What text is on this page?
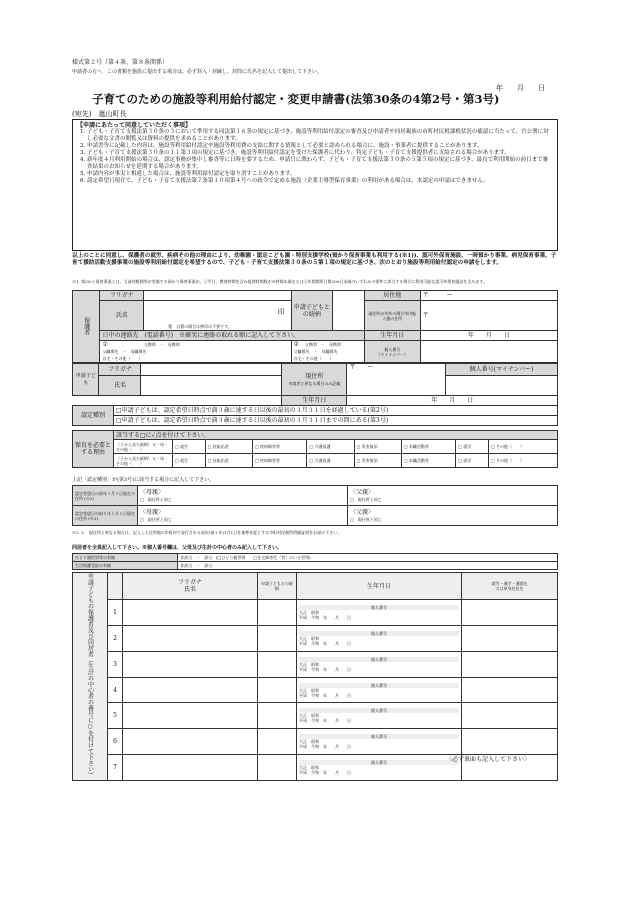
様式第２号（第４条、第８条関係）
申請者の方へ　この書類を施設に提出する場合は、必ず封入・封緘し、封筒に氏名を記入して提出して下さい。
年　　月　　日
子育てのための施設等利用給付認定・変更申請書(法第30条の4第2号・第3号)
(宛先)　嵐山町長
【申請にあたって同意していただく事項】
1. 子ども・子育て支援法第３０条の３において準用する同法第１６条の規定に基づき、施設等利用給付認定の審査及び申請者や同居親族の市町村民税課税状況の確認に当たって、官公署に対し必要な文書の閲覧又は資料の提供を求めることがあります。
2. 申請書等に記載した内容は、施設等利用給付認定や施設等利用費の支給に関する情報として必要と認められる場合に、施設・事業者に提供することがあります。
3. 子ども・子育て支援法第３０条の１１第３項の規定に基づき、施設等利用給付認定を受けた保護者に代わり、特定子ども・子育て支援提供者に支給される場合があります。
4. 新年度４月利用開始の場合は、認定事務が集中し審査等に日時を要するため、申請日に関わらず、子ども・子育て支援法第３０条の５第５項の規定に基づき、最長で利用開始の前日まで審査結果のお知らせを延期する場合があります。
5. 申請内容が事実と相違した場合は、施設等利用給付認定を取り消すことがあります。
6. 認定希望日現在で、子ども・子育て支援法第７条第１０項第４号への政令で定める施設（企業主導型保育事業）の利用がある場合は、本認定の申請はできません。
以上のことに同意し、保護者の就労、疾病その他の理由により、幼稚園・認定こども園・特別支援学校(預かり保育事業も利用する(※1))、認可外保育施設、一時預かり事業、病児保育事業、子育て援助活動支援事業の施設等利用給付認定を希望するので、子ども・子育て支援法第３０条の５第１項の規定に基づき、次のとおり施設等利用給付認定の申請をします。
※1. 第3から保育事業とは、当該幼稚園等が実施する預かり保育事業が、①平日、教育時間を含み提供時間数が８時間未満または②年間開所日数200日未満のいずれかの要件に該当する場合に利用可能な認可外保育施設を含みます。
保護者	フリガナ		申請子どもとの続柄		居住地	〒　　　ー
	氏名	印
署　自署の場合は押印は不要です。			現住所が市外の場合市内転入後の住所	〒
	日中の連絡先　(電話番号)　※確実に連絡の取れる順に記入して下さい。				生年月日	年　　月　　日
	①　　　　　　 父携帯　・　母携帯
父職場先　・　母職場先
自宅・その他（　　）		②　 父携帯　・　母携帯
父職場先　・　母職場先
自宅・その他（　　）		個人番号
（マイナンバー）	
申請子ども	フリガナ		現住所
申請者と異なる場合のみ記載	〒　　ー	個人番号(マイナンバー)
	氏名				
			生年月日	年　　月　　日	
認定種別	□申請子どもは、認定希望日時点で満３歳に達する日以後の最初の３月３１日を経過している(第2号)
□申請子どもは、認定希望日時点で満３歳に達する日以後の最初の３月３１日までの間にある(第3号)
保育を必要とする理由	該当する□に✓点を付けて下さい。								
	（子から見た続柄）父・母・その他（　　）	□ 就労	□ 妊娠出産	□ 疾病障害等	□ 介護看護	□ 災害復旧	□ 求職活動等	□ 就学	□ その他（　　）
	（子から見た続柄）父・母・その他（　　）	□ 就労	□ 妊娠出産	□ 疾病障害等	□ 介護看護	□ 災害復旧	□ 求職活動等	□ 就学	□ その他（　　）
上記「認定種別」が(第3号)に該当する場合に記入して下さい。
認定希望日の前年１月１日現在の住所 (※2)	〈母親〉
□　現住所と同じ	〈父親〉
□　現住所と同じ
認定希望日の前々年１月１日現在の住所 (※2)	〈母親〉
□　現住所と同じ	〈父親〉
□　現住所と同じ
※2. 3.　現住所と異なる場合は、記入した住所地の市町村で発行される前年(前々年)1月1日を基準年度とする市町村民税所得額証明をお届け下さい。
同居者を全員記入して下さい。※個人番号欄は、父母及び生計の中心者のみ記入して下さい。
ひとり親世帯等の有無	非該当　・　該当　(□ひとり親世帯　　□在宅障害児（者）のいる世帯)
生活保護受給の有無	非該当　・　該当
申請子どもの保護者及び同居者（生計の中心者の番号に○を付けて下さい）		フリガナ
氏名	申請子どもとの続柄	生年月日	就労・通学・通園先
又は単身赴任先
	1			個人番号
大正　昭和
平成　令和　 年　　月　　日	
	2			個人番号
大正　昭和
平成　令和　 年　　月　　日	
	3			個人番号
大正　昭和
平成　令和　 年　　月　　日	
	4			個人番号
大正　昭和
平成　令和　 年　　月　　日	
	5			個人番号
大正　昭和
平成　令和　 年　　月　　日	
	6			個人番号
大正　昭和
平成　令和　 年　　月　　日	
	7			個人番号
大正　昭和
平成　令和　 年　　月　　日	
〈必ず裏面も記入して下さい〉
